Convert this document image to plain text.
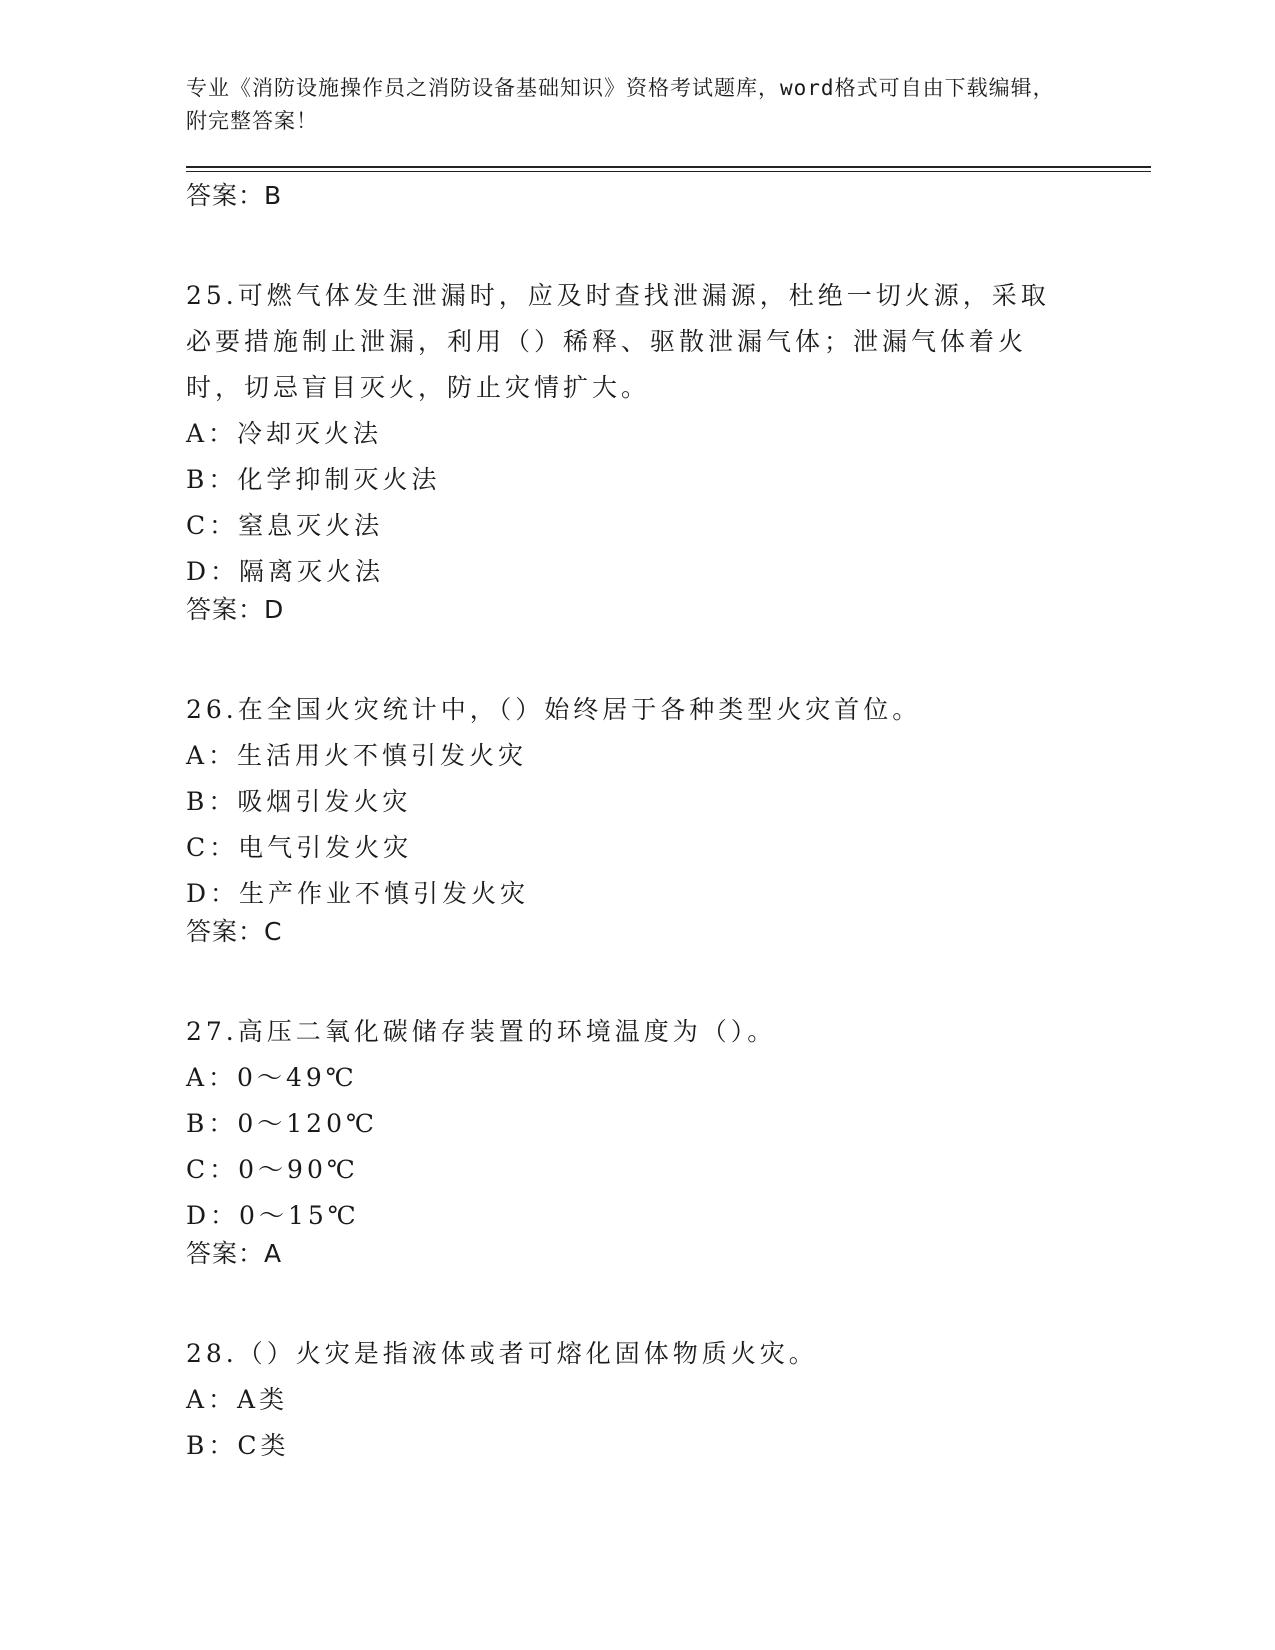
专业《消防设施操作员之消防设备基础知识》资格考试题库，word格式可自由下载编辑，附完整答案！
答案：B
25.可燃气体发生泄漏时，应及时查找泄漏源，杜绝一切火源，采取必要措施制止泄漏，利用（）稀释、驱散泄漏气体；泄漏气体着火时，切忌盲目灭火，防止灾情扩大。
A：冷却灭火法
B：化学抑制灭火法
C：窒息灭火法
D：隔离灭火法
答案：D
26.在全国火灾统计中，（）始终居于各种类型火灾首位。
A：生活用火不慎引发火灾
B：吸烟引发火灾
C：电气引发火灾
D：生产作业不慎引发火灾
答案：C
27.高压二氧化碳储存装置的环境温度为（）。
A：0～49℃
B：0～120℃
C：0～90℃
D：0～15℃
答案：A
28.（）火灾是指液体或者可熔化固体物质火灾。
A：A类
B：C类
